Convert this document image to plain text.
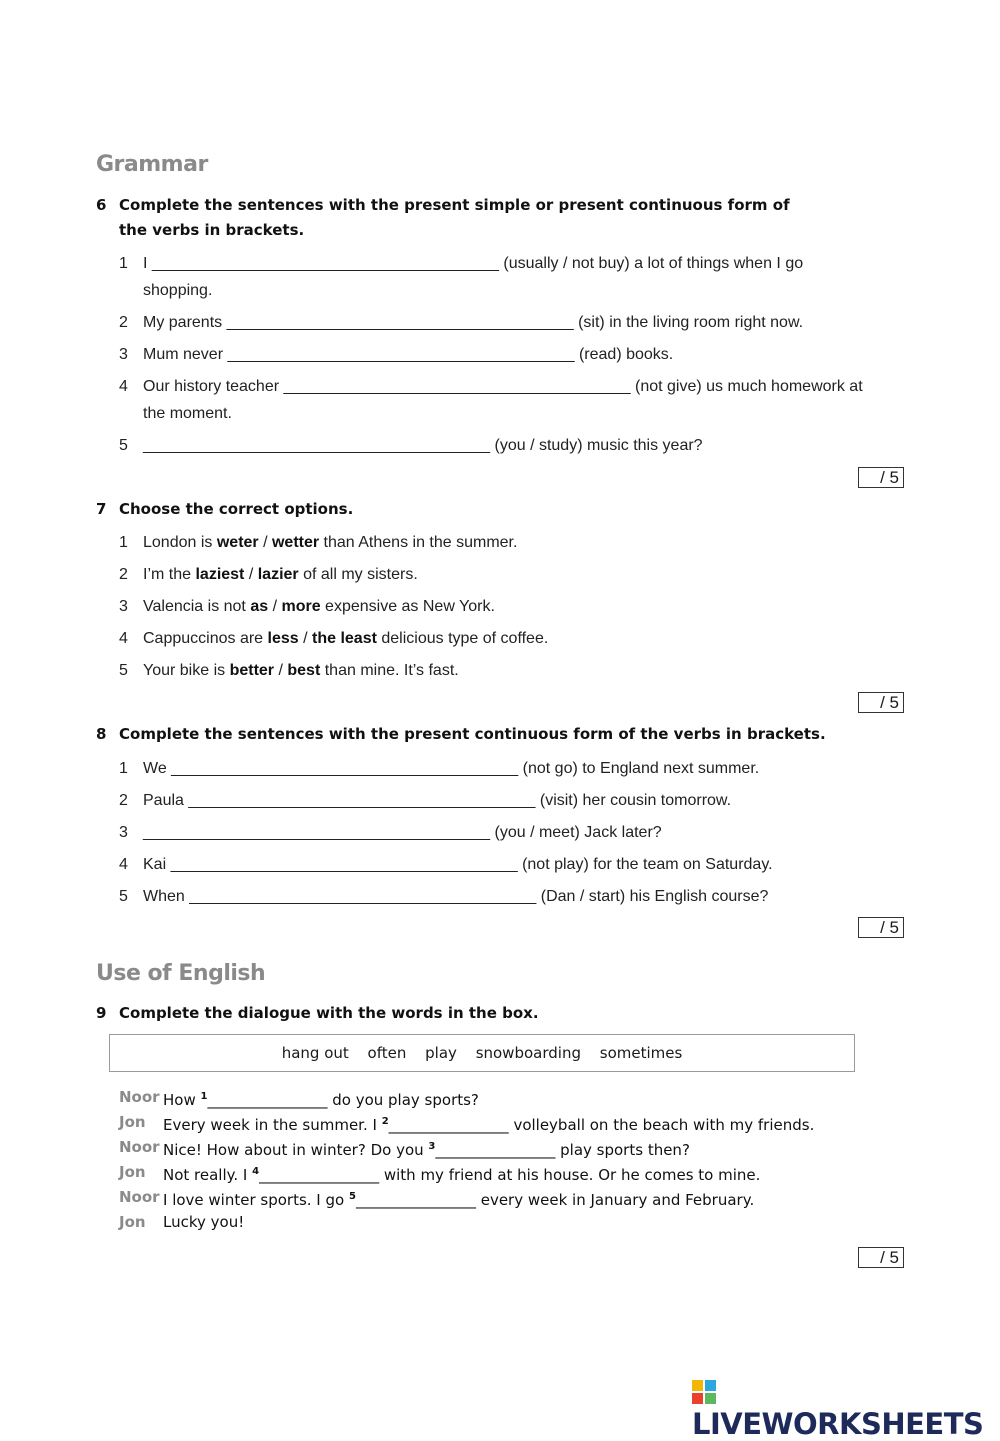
Grammar
6 Complete the sentences with the present simple or present continuous form of the verbs in brackets.
1 I _______________________________________ (usually / not buy) a lot of things when I go shopping.
2 My parents _______________________________________ (sit) in the living room right now.
3 Mum never _______________________________________ (read) books.
4 Our history teacher _______________________________________ (not give) us much homework at the moment.
5 _______________________________________ (you / study) music this year?
/ 5
7 Choose the correct options.
1 London is weter / wetter than Athens in the summer.
2 I’m the laziest / lazier of all my sisters.
3 Valencia is not as / more expensive as New York.
4 Cappuccinos are less / the least delicious type of coffee.
5 Your bike is better / best than mine. It’s fast.
/ 5
8 Complete the sentences with the present continuous form of the verbs in brackets.
1 We _______________________________________ (not go) to England next summer.
2 Paula _______________________________________ (visit) her cousin tomorrow.
3 _______________________________________ (you / meet) Jack later?
4 Kai _______________________________________ (not play) for the team on Saturday.
5 When _______________________________________ (Dan / start) his English course?
/ 5
Use of English
9 Complete the dialogue with the words in the box.
hang out often play snowboarding sometimes
Noor How $^1$________________ do you play sports?
Jon Every week in the summer. I $^2$________________ volleyball on the beach with my friends.
Noor Nice! How about in winter? Do you $^3$________________ play sports then?
Jon Not really. I $^4$________________ with my friend at his house. Or he comes to mine.
Noor I love winter sports. I go $^5$________________ every week in January and February.
Jon Lucky you!
/ 5
LIVEWORKSHEETS
